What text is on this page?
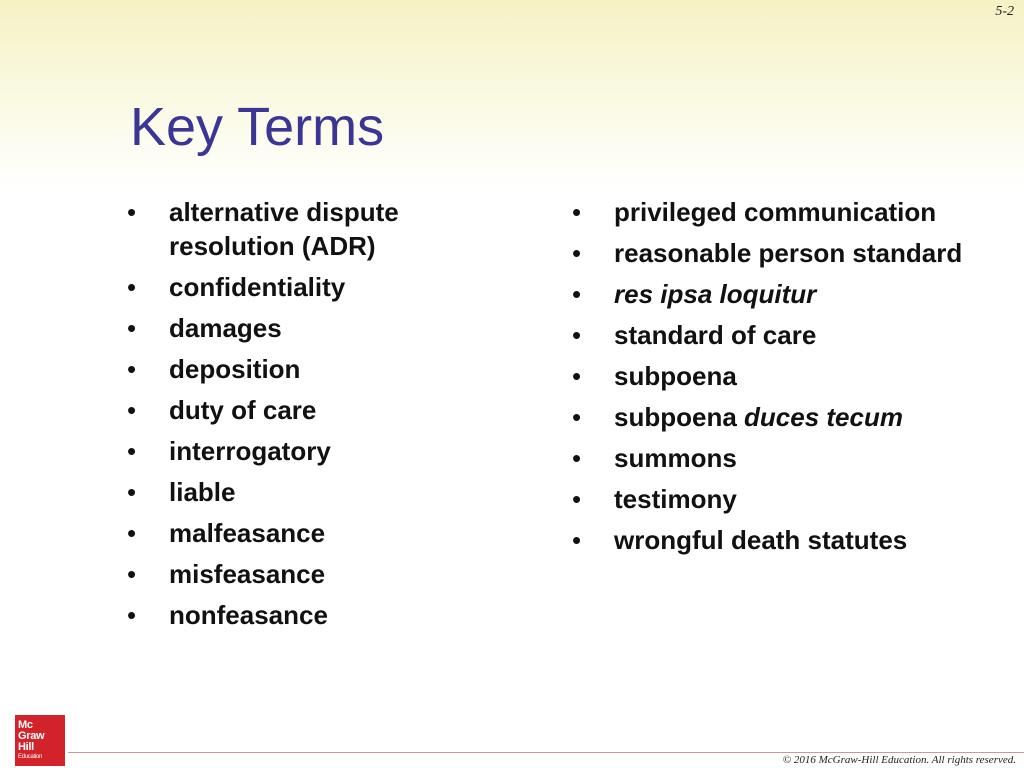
5-2
Key Terms
• alternative dispute resolution (ADR)
• confidentiality
• damages
• deposition
• duty of care
• interrogatory
• liable
• malfeasance
• misfeasance
• nonfeasance
• privileged communication
• reasonable person standard
• res ipsa loquitur
• standard of care
• subpoena
• subpoena duces tecum
• summons
• testimony
• wrongful death statutes
Mc
Graw
Hill
Education	© 2016 McGraw-Hill Education. All rights reserved.
